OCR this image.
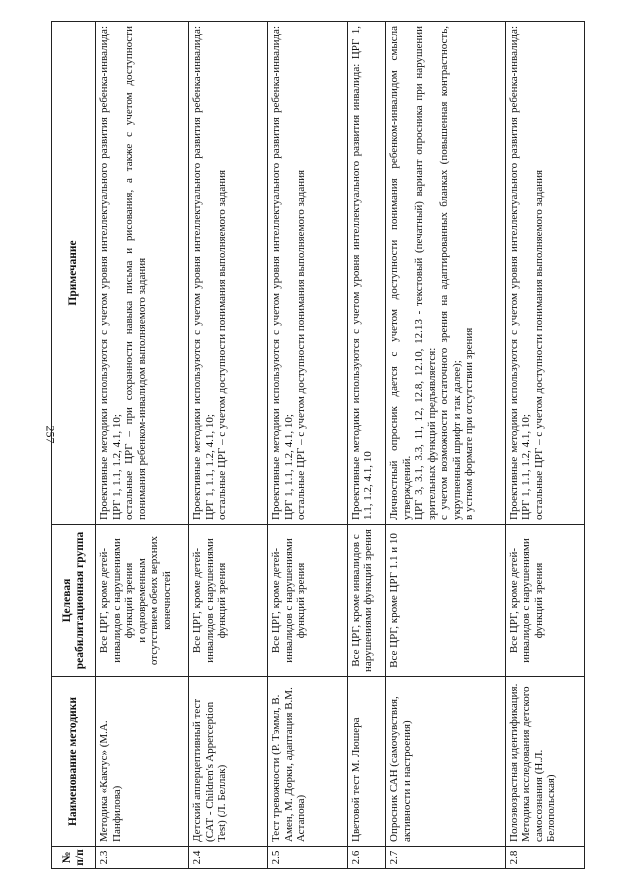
257
№ п/п	Наименование методики	Целевая реабилитационная группа	Примечание
2.3	Методика «Кактус» (М.А. Панфилова)	Все ЦРГ, кроме детей-инвалидов с нарушениями функций зрения и одновременным отсутствием обеих верхних конечностей	Проективные методики используются с учетом уровня интеллектуального развития ребенка-инвалида: ЦРГ 1, 1.1, 1.2, 4.1, 10; остальные ЦРГ – при сохранности навыка письма и рисования, а также с учетом доступности понимания ребенком-инвалидом выполняемого задания

2.4	Детский апперцептивный тест (САТ - Children's Apperception Test) (Л. Беллак)	Все ЦРГ, кроме детей-инвалидов с нарушениями функций зрения	Проективные методики используются с учетом уровня интеллектуального развития ребенка-инвалида: ЦРГ 1, 1.1, 1.2, 4.1, 10; остальные ЦРГ – с учетом доступности понимания выполняемого задания

2.5	Тест тревожности (Р. Тэммл, В. Амен, М. Дорки, адаптация В.М. Астапова)	Все ЦРГ, кроме детей-инвалидов с нарушениями функций зрения	Проективные методики используются с учетом уровня интеллектуального развития ребенка-инвалида: ЦРГ 1, 1.1, 1.2, 4.1, 10; остальные ЦРГ – с учетом доступности понимания выполняемого задания

2.6	Цветовой тест М. Люшера	Все ЦРГ, кроме инвалидов с нарушениями функций зрения	Проективные методики используются с учетом уровня интеллектуального развития инвалида: ЦРГ 1, 1.1, 1.2, 4.1, 10

2.7	Опросник САН (самочувствия, активности и настроения)	Все ЦРГ, кроме ЦРГ 1.1 и 10	Личностный опросник дается с учетом доступности понимания ребенком-инвалидом смысла утверждений. ЦРГ 3, 3.1, 3.3, 11, 12, 12.8, 12.10, 12.13 - текстовый (печатный) вариант опросника при нарушении зрительных функций предъявляется: с учетом возможности остаточного зрения на адаптированных бланках (повышенная контрастность, укрупненный шрифт и так далее); в устном формате при отсутствии зрения

2.8	Полоэвозрастная идентификация. Методика исследования детского самосознания (Н.Л. Белопольская)	Все ЦРГ, кроме детей-инвалидов с нарушениями функций зрения	Проективные методики используются с учетом уровня интеллектуального развития ребенка-инвалида: ЦРГ 1, 1.1, 1.2, 4.1, 10; остальные ЦРГ – с учетом доступности понимания выполняемого задания
